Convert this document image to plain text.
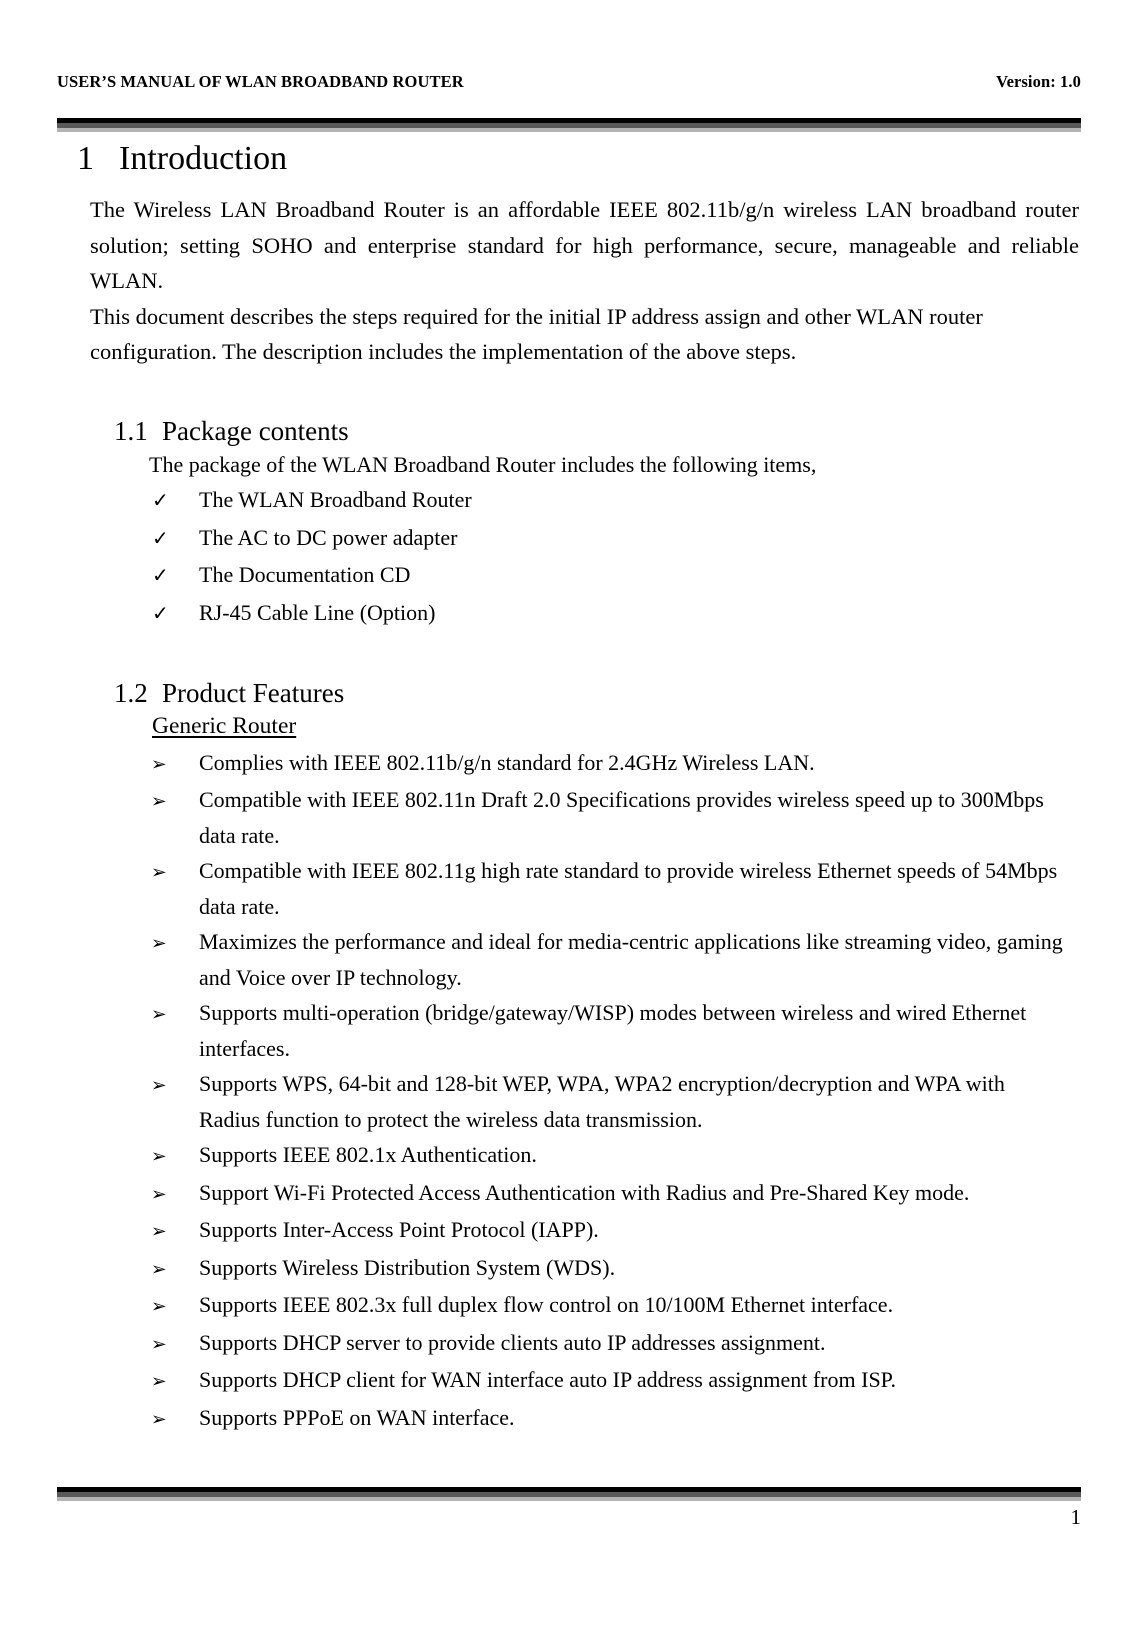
USER’S MANUAL OF WLAN BROADBAND ROUTER	Version: 1.0
1 Introduction

The Wireless LAN Broadband Router is an affordable IEEE 802.11b/g/n wireless LAN broadband router solution; setting SOHO and enterprise standard for high performance, secure, manageable and reliable WLAN.

This document describes the steps required for the initial IP address assign and other WLAN router configuration. The description includes the implementation of the above steps.

1.1 Package contents

The package of the WLAN Broadband Router includes the following items,

✓	The WLAN Broadband Router
✓	The AC to DC power adapter
✓	The Documentation CD
✓	RJ-45 Cable Line (Option)
1.2 Product Features

Generic Router

➢	Complies with IEEE 802.11b/g/n standard for 2.4GHz Wireless LAN.
➢	Compatible with IEEE 802.11n Draft 2.0 Specifications provides wireless speed up to 300Mbps data rate.
➢	Compatible with IEEE 802.11g high rate standard to provide wireless Ethernet speeds of 54Mbps data rate.
➢	Maximizes the performance and ideal for media-centric applications like streaming video, gaming and Voice over IP technology.
➢	Supports multi-operation (bridge/gateway/WISP) modes between wireless and wired Ethernet interfaces.
➢	Supports WPS, 64-bit and 128-bit WEP, WPA, WPA2 encryption/decryption and WPA with Radius function to protect the wireless data transmission.
➢	Supports IEEE 802.1x Authentication.
➢	Support Wi-Fi Protected Access Authentication with Radius and Pre-Shared Key mode.
➢	Supports Inter-Access Point Protocol (IAPP).
➢	Supports Wireless Distribution System (WDS).
➢	Supports IEEE 802.3x full duplex flow control on 10/100M Ethernet interface.
➢	Supports DHCP server to provide clients auto IP addresses assignment.
➢	Supports DHCP client for WAN interface auto IP address assignment from ISP.
➢	Supports PPPoE on WAN interface.
1
